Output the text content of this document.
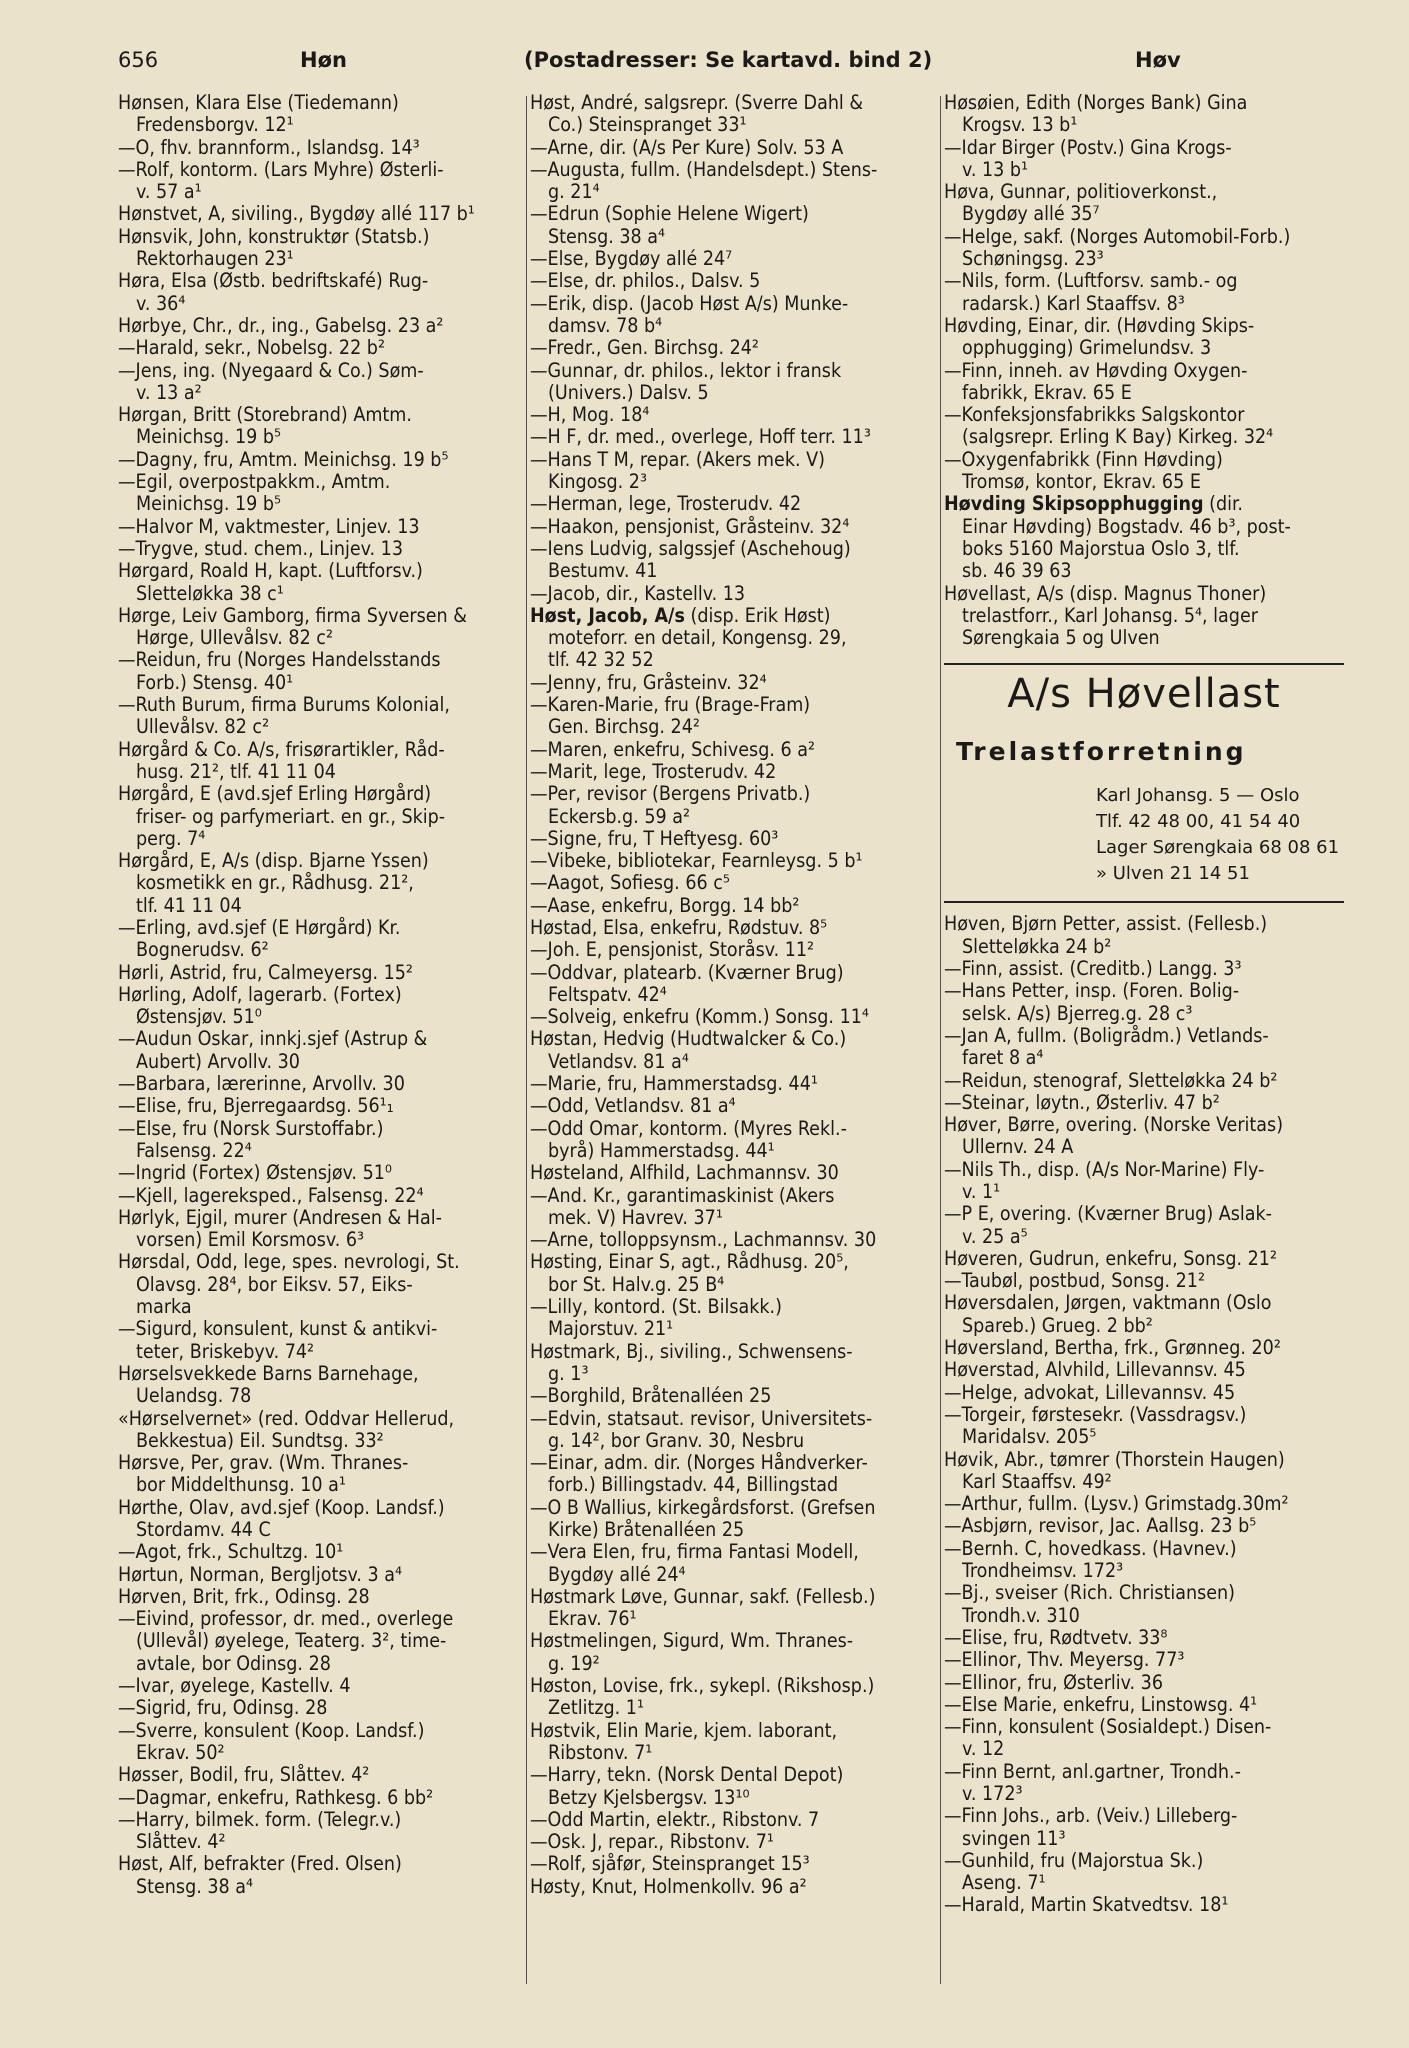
656	Høn	(Postadresser: Se kartavd. bind 2)	Høv
Hønsen, Klara Else (Tiedemann)
Fredensborgv. 12¹
—O, fhv. brannform., Islandsg. 14³
—Rolf, kontorm. (Lars Myhre) Østerli-
v. 57 a¹
Hønstvet, A, siviling., Bygdøy allé 117 b¹
Hønsvik, John, konstruktør (Statsb.)
Rektorhaugen 23¹
Høra, Elsa (Østb. bedriftskafé) Rug-
v. 36⁴
Hørbye, Chr., dr., ing., Gabelsg. 23 a²
—Harald, sekr., Nobelsg. 22 b²
—Jens, ing. (Nyegaard & Co.) Søm-
v. 13 a²
Hørgan, Britt (Storebrand) Amtm.
Meinichsg. 19 b⁵
—Dagny, fru, Amtm. Meinichsg. 19 b⁵
—Egil, overpostpakkm., Amtm.
Meinichsg. 19 b⁵
—Halvor M, vaktmester, Linjev. 13
—Trygve, stud. chem., Linjev. 13
Hørgard, Roald H, kapt. (Luftforsv.)
Slettеløkka 38 c¹
Hørge, Leiv Gamborg, firma Syversen &
Hørge, Ullevålsv. 82 c²
—Reidun, fru (Norges Handelsstands
Forb.) Stensg. 40¹
—Ruth Burum, firma Burums Kolonial,
Ullevålsv. 82 c²
Hørgård & Co. A/s, frisørartikler, Råd-
husg. 21², tlf. 41 11 04
Hørgård, E (avd.sjef Erling Hørgård)
friser- og parfymeriart. en gr., Skip-
perg. 7⁴
Hørgård, E, A/s (disp. Bjarne Yssen)
kosmetikk en gr., Rådhusg. 21²,
tlf. 41 11 04
—Erling, avd.sjef (E Hørgård) Kr.
Bognerudsv. 6²
Hørli, Astrid, fru, Calmeyersg. 15²
Hørling, Adolf, lagerarb. (Fortex)
Østensjøv. 51⁰
—Audun Oskar, innkj.sjef (Astrup &
Aubert) Arvollv. 30
—Barbara, lærerinne, Arvollv. 30
—Elise, fru, Bjerregaardsg. 56¹₁
—Else, fru (Norsk Surstoffabr.)
Falsensg. 22⁴
—Ingrid (Fortex) Østensjøv. 51⁰
—Kjell, lagereksped., Falsensg. 22⁴
Hørlyk, Ejgil, murer (Andresen & Hal-
vorsen) Emil Korsmosv. 6³
Hørsdal, Odd, lege, spes. nevrologi, St.
Olavsg. 28⁴, bor Eiksv. 57, Eiks-
marka
—Sigurd, konsulent, kunst & antikvi-
teter, Briskebyv. 74²
Hørselsvekkede Barns Barnehage,
Uelandsg. 78
«Hørselvernet» (red. Oddvar Hellerud,
Bekkestua) Eil. Sundtsg. 33²
Hørsve, Per, grav. (Wm. Thranes-
bor Middelthunsg. 10 a¹
Hørthe, Olav, avd.sjef (Koop. Landsf.)
Stordamv. 44 C
—Agot, frk., Schultzg. 10¹
Hørtun, Norman, Bergljotsv. 3 a⁴
Hørven, Brit, frk., Odinsg. 28
—Eivind, professor, dr. med., overlege
(Ullevål) øyelege, Teaterg. 3², time-
avtale, bor Odinsg. 28
—Ivar, øyelege, Kastellv. 4
—Sigrid, fru, Odinsg. 28
—Sverre, konsulent (Koop. Landsf.)
Ekrav. 50²
Høsser, Bodil, fru, Slåttev. 4²
—Dagmar, enkefru, Rathkesg. 6 bb²
—Harry, bilmek. form. (Telegr.v.)
Slåttev. 4²
Høst, Alf, befrakter (Fred. Olsen)
Stensg. 38 a⁴
Høst, André, salgsrepr. (Sverre Dahl &
Co.) Steinspranget 33¹
—Arne, dir. (A/s Per Kure) Solv. 53 A
—Augusta, fullm. (Handelsdept.) Stens-
g. 21⁴
—Edrun (Sophie Helene Wigert)
Stensg. 38 a⁴
—Else, Bygdøy allé 24⁷
—Else, dr. philos., Dalsv. 5
—Erik, disp. (Jacob Høst A/s) Munke-
damsv. 78 b⁴
—Fredr., Gen. Birchsg. 24²
—Gunnar, dr. philos., lektor i fransk
(Univers.) Dalsv. 5
—H, Mog. 18⁴
—H F, dr. med., overlege, Hoff terr. 11³
—Hans T M, repar. (Akers mek. V)
Kingosg. 2³
—Herman, lege, Trosterudv. 42
—Haakon, pensjonist, Gråsteinv. 32⁴
—Iens Ludvig, salgssjef (Aschehoug)
Bestumv. 41
—Jacob, dir., Kastellv. 13
Høst, Jacob, A/s (disp. Erik Høst)
moteforr. en detail, Kongensg. 29,
tlf. 42 32 52
—Jenny, fru, Gråsteinv. 32⁴
—Karen-Marie, fru (Brage-Fram)
Gen. Birchsg. 24²
—Maren, enkefru, Schivesg. 6 a²
—Marit, lege, Trosterudv. 42
—Per, revisor (Bergens Privatb.)
Eckersb.g. 59 a²
—Signe, fru, T Heftyesg. 60³
—Vibeke, bibliotekar, Fearnleysg. 5 b¹
—Aagot, Sofiesg. 66 c⁵
—Aase, enkefru, Borgg. 14 bb²
Høstad, Elsa, enkefru, Rødstuv. 8⁵
—Joh. E, pensjonist, Storåsv. 11²
—Oddvar, platearb. (Kværner Brug)
Feltspatv. 42⁴
—Solveig, enkefru (Komm.) Sonsg. 11⁴
Høstan, Hedvig (Hudtwalcker & Co.)
Vetlandsv. 81 a⁴
—Marie, fru, Hammerstadsg. 44¹
—Odd, Vetlandsv. 81 a⁴
—Odd Omar, kontorm. (Myres Rekl.-
byrå) Hammerstadsg. 44¹
Høsteland, Alfhild, Lachmannsv. 30
—And. Kr., garantimaskinist (Akers
mek. V) Havrev. 37¹
—Arne, tolloppsynsm., Lachmannsv. 30
Høsting, Einar S, agt., Rådhusg. 20⁵,
bor St. Halv.g. 25 B⁴
—Lilly, kontord. (St. Bilsakk.)
Majorstuv. 21¹
Høstmark, Bj., siviling., Schwensens-
g. 1³
—Borghild, Bråtenalléen 25
—Edvin, statsaut. revisor, Universitets-
g. 14², bor Granv. 30, Nesbru
—Einar, adm. dir. (Norges Håndverker-
forb.) Billingstadv. 44, Billingstad
—O B Wallius, kirkegårdsforst. (Grefsen
Kirke) Bråtenalléen 25
—Vera Elen, fru, firma Fantasi Modell,
Bygdøy allé 24⁴
Høstmark Løve, Gunnar, sakf. (Fellesb.)
Ekrav. 76¹
Høstmelingen, Sigurd, Wm. Thranes-
g. 19²
Høston, Lovise, frk., sykepl. (Rikshosp.)
Zetlitzg. 1¹
Høstvik, Elin Marie, kjem. laborant,
Ribstonv. 7¹
—Harry, tekn. (Norsk Dental Depot)
Betzy Kjelsbergsv. 13¹⁰
—Odd Martin, elektr., Ribstonv. 7
—Osk. J, repar., Ribstonv. 7¹
—Rolf, sjåfør, Steinspranget 15³
Høsty, Knut, Holmenkollv. 96 a²
Høsøien, Edith (Norges Bank) Gina
Krogsv. 13 b¹
—Idar Birger (Postv.) Gina Krogs-
v. 13 b¹
Høva, Gunnar, politioverkonst.,
Bygdøy allé 35⁷
—Helge, sakf. (Norges Automobil-Forb.)
Schøningsg. 23³
—Nils, form. (Luftforsv. samb.- og
radarsk.) Karl Staaffsv. 8³
Høvding, Einar, dir. (Høvding Skips-
opphugging) Grimelundsv. 3
—Finn, inneh. av Høvding Oxygen-
fabrikk, Ekrav. 65 E
—Konfeksjonsfabrikks Salgskontor
(salgsrepr. Erling K Bay) Kirkeg. 32⁴
—Oxygenfabrikk (Finn Høvding)
Tromsø, kontor, Ekrav. 65 E
Høvding Skipsopphugging (dir.
Einar Høvding) Bogstadv. 46 b³, post-
boks 5160 Majorstua Oslo 3, tlf.
sb. 46 39 63
Høvellast, A/s (disp. Magnus Thoner)
trelastforr., Karl Johansg. 5⁴, lager
Sørengkaia 5 og Ulven
A/s Høvellast
Trelastforretning
Karl Johansg. 5 — Oslo
Tlf. 42 48 00, 41 54 40
Lager Sørengkaia 68 08 61
» Ulven 21 14 51
Høven, Bjørn Petter, assist. (Fellesb.)
Slettеløkka 24 b²
—Finn, assist. (Creditb.) Langg. 3³
—Hans Petter, insp. (Foren. Bolig-
selsk. A/s) Bjerreg.g. 28 c³
—Jan A, fullm. (Boligrådm.) Vetlands-
faret 8 a⁴
—Reidun, stenograf, Slettеløkka 24 b²
—Steinar, løytn., Østerliv. 47 b²
Høver, Børre, overing. (Norske Veritas)
Ullernv. 24 A
—Nils Th., disp. (A/s Nor-Marine) Fly-
v. 1¹
—P E, overing. (Kværner Brug) Aslak-
v. 25 a⁵
Høveren, Gudrun, enkefru, Sonsg. 21²
—Taubøl, postbud, Sonsg. 21²
Høversdalen, Jørgen, vaktmann (Oslo
Spareb.) Grueg. 2 bb²
Høversland, Bertha, frk., Grønneg. 20²
Høverstad, Alvhild, Lillevannsv. 45
—Helge, advokat, Lillevannsv. 45
—Torgeir, førstesekr. (Vassdragsv.)
Maridalsv. 205⁵
Høvik, Abr., tømrer (Thorstein Haugen)
Karl Staaffsv. 49²
—Arthur, fullm. (Lysv.) Grimstadg.30m²
—Asbjørn, revisor, Jac. Aallsg. 23 b⁵
—Bernh. C, hovedkass. (Havnev.)
Trondheimsv. 172³
—Bj., sveiser (Rich. Christiansen)
Trondh.v. 310
—Elise, fru, Rødtvetv. 33⁸
—Ellinor, Thv. Meyersg. 77³
—Ellinor, fru, Østerliv. 36
—Else Marie, enkefru, Linstowsg. 4¹
—Finn, konsulent (Sosialdept.) Disen-
v. 12
—Finn Bernt, anl.gartner, Trondh.-
v. 172³
—Finn Johs., arb. (Veiv.) Lilleberg-
svingen 11³
—Gunhild, fru (Majorstua Sk.)
Aseng. 7¹
—Harald, Martin Skatvedtsv. 18¹
